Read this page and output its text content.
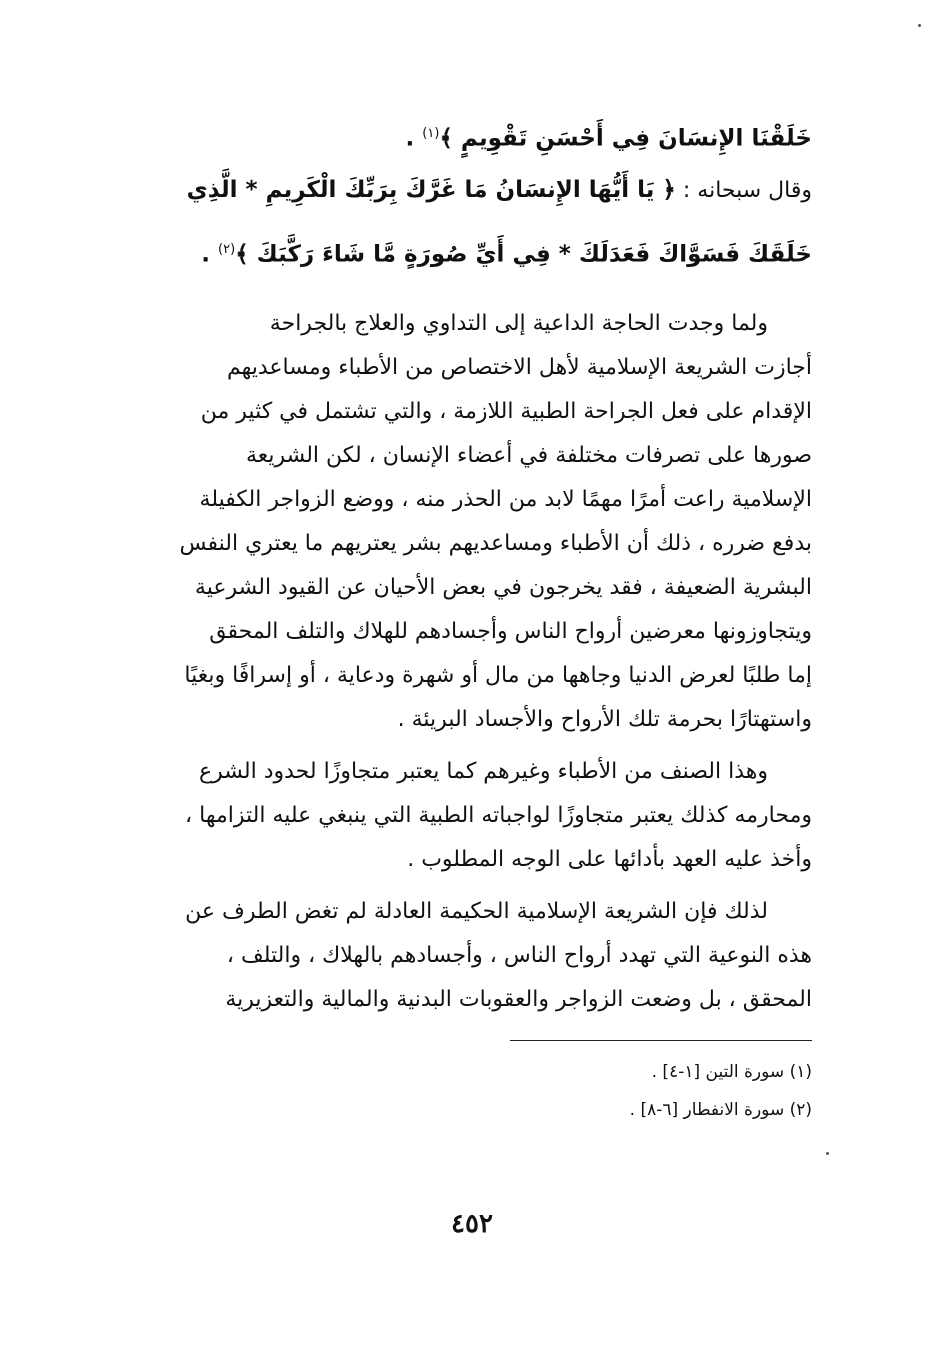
خَلَقْنَا الإِنسَانَ فِي أَحْسَنِ تَقْوِيمٍ ﴾$^{(١)}$ .
وقال سبحانه : ﴿ يَا أَيُّهَا الإِنسَانُ مَا غَرَّكَ بِرَبِّكَ الْكَرِيمِ * الَّذِي
خَلَقَكَ فَسَوَّاكَ فَعَدَلَكَ * فِي أَيِّ صُورَةٍ مَّا شَاءَ رَكَّبَكَ ﴾$^{(٢)}$ .
ولما وجدت الحاجة الداعية إلى التداوي والعلاج بالجراحة
أجازت الشريعة الإسلامية لأهل الاختصاص من الأطباء ومساعديهم
الإقدام على فعل الجراحة الطبية اللازمة ، والتي تشتمل في كثير من
صورها على تصرفات مختلفة في أعضاء الإنسان ، لكن الشريعة
الإسلامية راعت أمرًا مهمًا لابد من الحذر منه ، ووضع الزواجر الكفيلة
بدفع ضرره ، ذلك أن الأطباء ومساعديهم بشر يعتريهم ما يعتري النفس
البشرية الضعيفة ، فقد يخرجون في بعض الأحيان عن القيود الشرعية
ويتجاوزونها معرضين أرواح الناس وأجسادهم للهلاك والتلف المحقق
إما طلبًا لعرض الدنيا وجاهها من مال أو شهرة ودعاية ، أو إسرافًا وبغيًا
واستهتارًا بحرمة تلك الأرواح والأجساد البريئة .
وهذا الصنف من الأطباء وغيرهم كما يعتبر متجاوزًا لحدود الشرع
ومحارمه كذلك يعتبر متجاوزًا لواجباته الطبية التي ينبغي عليه التزامها ،
وأخذ عليه العهد بأدائها على الوجه المطلوب .
لذلك فإن الشريعة الإسلامية الحكيمة العادلة لم تغض الطرف عن
هذه النوعية التي تهدد أرواح الناس ، وأجسادهم بالهلاك ، والتلف ،
المحقق ، بل وضعت الزواجر والعقوبات البدنية والمالية والتعزيرية
(١) سورة التين [١-٤] .
(٢) سورة الانفطار [٦-٨] .
٤٥٢
